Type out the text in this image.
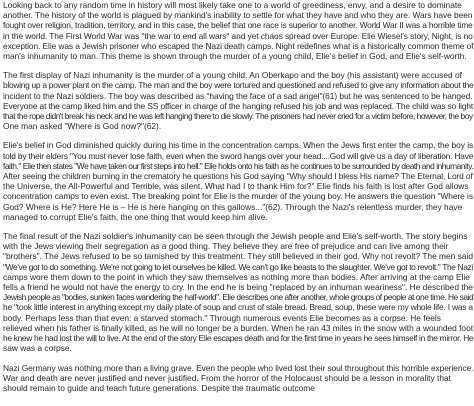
Looking back to any random time in history will most likely take one to a world of greediness, envy, and a desire to dominate
another. The history of the world is plagued by mankind's inability to settle for what they have and who they are. Wars have been
fought over religion, tradition, territory, and in this case, the belief that one race is superior to another. World War II was a horrible time
in the world. The First World War was "the war to end all wars" and yet chaos spread over Europe. Elie Wiesel's story, Night, is no
exception. Elie was a Jewish prisoner who escaped the Nazi death camps. Night redefines what is a historically common theme of
man's inhumanity to man. This theme is shown through the murder of a young child, Elie's belief in God, and Elie's self-worth.
The first display of Nazi inhumanity is the murder of a young child. An Oberkapo and the boy (his assistant) were accused of
blowing up a power plant on the camp. The man and the boy were tortured and questioned and refused to give any information about the
incident to the Nazi soldiers. The boy was described as "having the face of a sad angel"(61) but he was sentenced to be hanged.
Everyone at the camp liked him and the SS officer in charge of the hanging refused his job and was replaced. The child was so light
that the rope didn't break his neck and he was left hanging there to die slowly. The prisoners had never cried for a victim before, however, the boy
One man asked "Where is God now?"(62).
Elie's belief in God diminished quickly during his time in the concentration camps. When the Jews first enter the camp, the boy is
told by their elders "You must never lose faith, even when the sword hangs over your head....God will give us a day of liberation. Have
faith." Elie then states "We have taken our first steps into hell." Elie holds onto his faith as he continues to be surrounded by death and inhumanity.
After seeing the children burning in the crematory he questions his God saying "Why should I bless His name? The Eternal, Lord of
the Universe, the All-Powerful and Terrible, was silent. What had I to thank Him for?" Elie finds his faith is lost after God allows
concentration camps to even exist. The breaking point for Elie is the murder of the young boy. He answers the question "Where is
God? Where is He? Here He is – He is here hanging on this gallows..."(62). Through the Nazi's relentless murder, they have
managed to corrupt Elie's faith, the one thing that would keep him alive.
The final result of the Nazi soldier's inhumanity can be seen through the Jewish people and Elie's self-worth. The story begins
with the Jews viewing their segregation as a good thing. They believe they are free of prejudice and can live among their
"brothers". The Jews refused to be so tarnished by this treatment. They still believed in their god. Why not revolt? The men said
"We've got to do something. We're not going to let ourselves be killed. We can't go like beasts to the slaughter. We've got to revolt." The Nazi
camps wore them down to the point in which they saw themselves as nothing more than bodies. After arriving at the camp Elie
fells a friend he would not have the energy to cry. In the end he is being "replaced by an inhuman weariness". He described the
Jewish people as "bodies, sunken faces wandering the half-world". Elie describes one after another, whole groups of people at one time. He said
he "took little interest in anything except my daily plate of soup and crust of stale bread. Bread, soup, these were my whole life. I was a
body. Perhaps less than that even: a starved stomach." Through numerous events Elie becomes as a corpse. He feels
relieved when his father is finally killed, as he will no longer be a burden. When he ran 43 miles in the snow with a wounded foot
he knew he had lost the will to live. At the end of the story Elie escapes death and for the first time in years he sees himself in the mirror. He
saw was a corpse.
Nazi Germany was nothing more than a living grave. Even the people who lived lost their soul throughout this horrible experience.
War and death are never justified and never justified. From the horror of the Holocaust should be a lesson in morality that
should remain to guide and teach future generations. Despite the traumatic outcome
